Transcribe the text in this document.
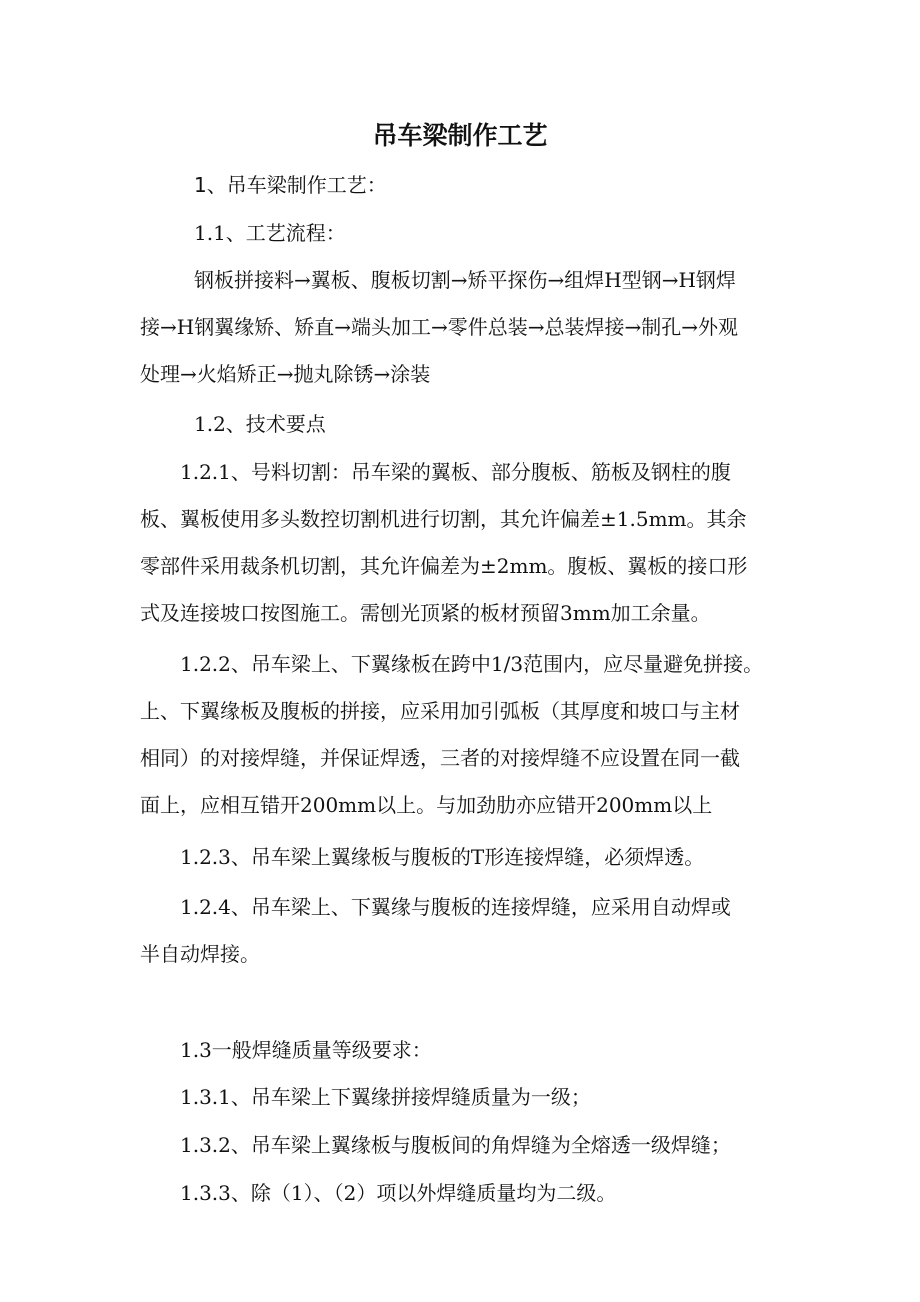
吊车梁制作工艺
1、吊车梁制作工艺：
1.1、工艺流程：
钢板拼接料→翼板、腹板切割→矫平探伤→组焊H型钢→H钢焊
接→H钢翼缘矫、矫直→端头加工→零件总装→总装焊接→制孔→外观
处理→火焰矫正→抛丸除锈→涂装
1.2、技术要点
1.2.1、号料切割：吊车梁的翼板、部分腹板、筋板及钢柱的腹
板、翼板使用多头数控切割机进行切割，其允许偏差±1.5mm。其余
零部件采用裁条机切割，其允许偏差为±2mm。腹板、翼板的接口形
式及连接坡口按图施工。需刨光顶紧的板材预留3mm加工余量。
1.2.2、吊车梁上、下翼缘板在跨中1/3范围内，应尽量避免拼接。
上、下翼缘板及腹板的拼接，应采用加引弧板（其厚度和坡口与主材
相同）的对接焊缝，并保证焊透，三者的对接焊缝不应设置在同一截
面上，应相互错开200mm以上。与加劲肋亦应错开200mm以上
1.2.3、吊车梁上翼缘板与腹板的T形连接焊缝，必须焊透。
1.2.4、吊车梁上、下翼缘与腹板的连接焊缝，应采用自动焊或
半自动焊接。
1.3一般焊缝质量等级要求：
1.3.1、吊车梁上下翼缘拼接焊缝质量为一级；
1.3.2、吊车梁上翼缘板与腹板间的角焊缝为全熔透一级焊缝；
1.3.3、除（1）、（2）项以外焊缝质量均为二级。
